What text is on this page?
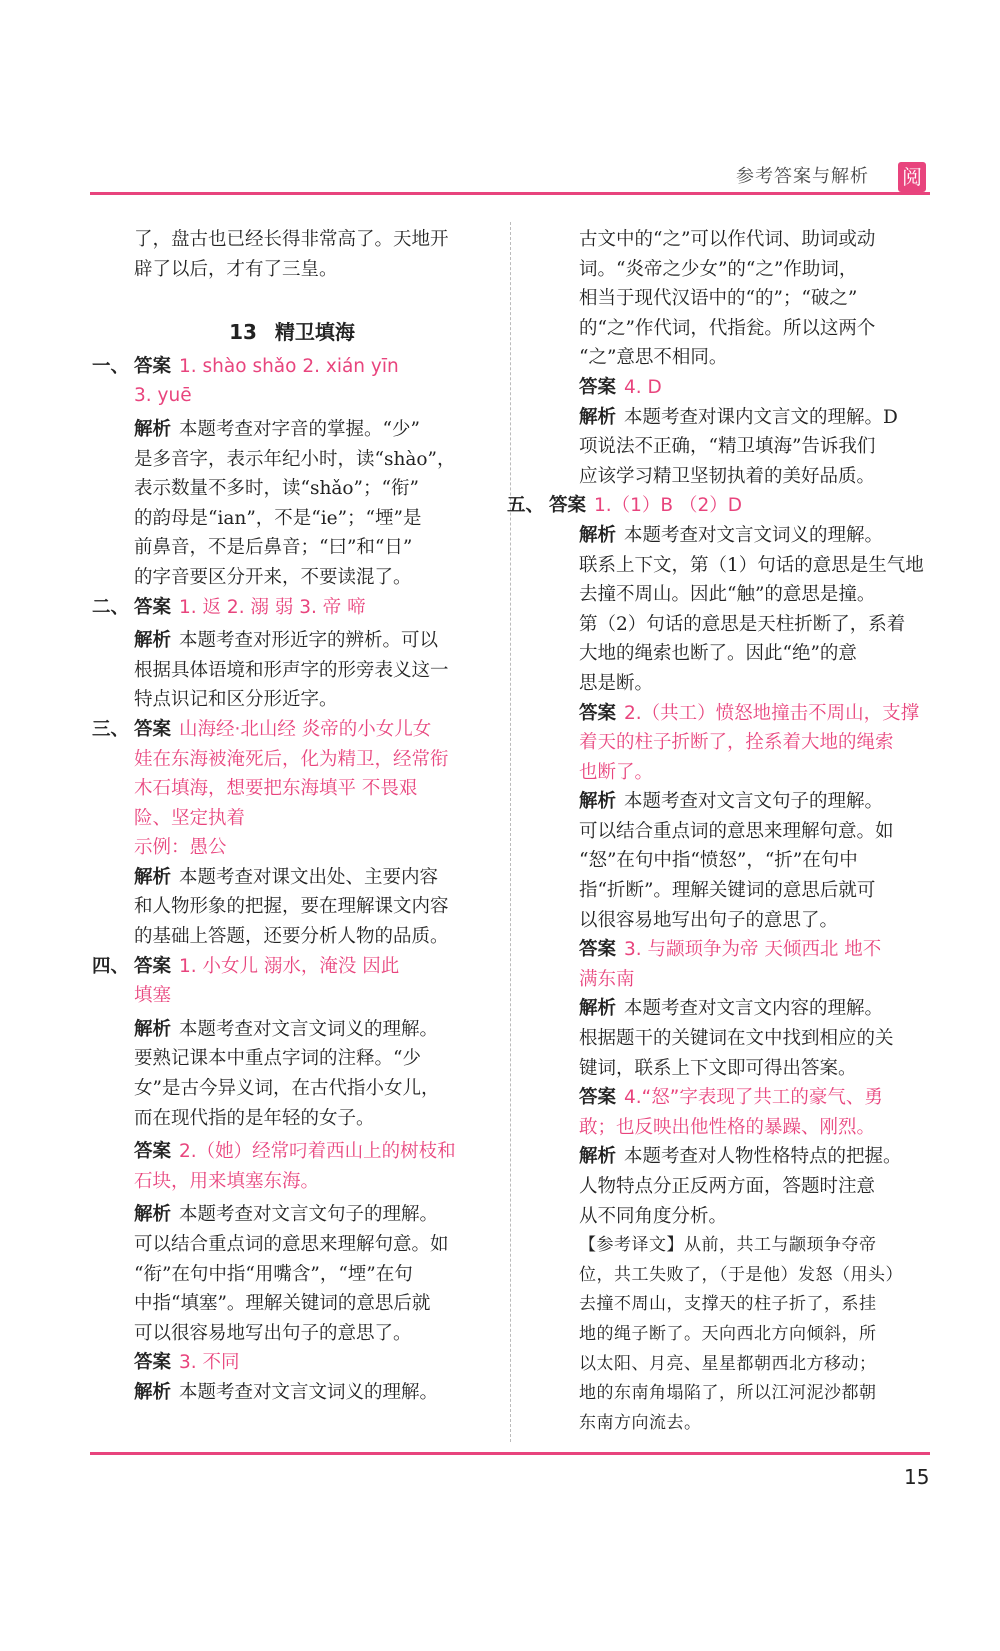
参考答案与解析 阅

了，盘古也已经长得非常高了。天地开

辟了以后，才有了三皇。

13 精卫填海

一、 答案 1. shào shǎo 2. xián yīn

3. yuē

解析 本题考查对字音的掌握。“少”

是多音字，表示年纪小时，读“shào”，

表示数量不多时，读“shǎo”；“衔”

的韵母是“ian”，不是“ie”；“堙”是

前鼻音，不是后鼻音；“曰”和“日”

的字音要区分开来，不要读混了。

二、 答案 1. 返 2. 溺 弱 3. 帝 啼

解析 本题考查对形近字的辨析。可以

根据具体语境和形声字的形旁表义这一

特点识记和区分形近字。

三、 答案 山海经·北山经 炎帝的小女儿女

娃在东海被淹死后，化为精卫，经常衔

木石填海，想要把东海填平 不畏艰

险、坚定执着

示例：愚公

解析 本题考查对课文出处、主要内容

和人物形象的把握，要在理解课文内容

的基础上答题，还要分析人物的品质。

四、 答案 1. 小女儿 溺水，淹没 因此

填塞

解析 本题考查对文言文词义的理解。

要熟记课本中重点字词的注释。“少

女”是古今异义词，在古代指小女儿，

而在现代指的是年轻的女子。

答案 2.（她）经常叼着西山上的树枝和

石块，用来填塞东海。

解析 本题考查对文言文句子的理解。

可以结合重点词的意思来理解句意。如

“衔”在句中指“用嘴含”，“堙”在句

中指“填塞”。理解关键词的意思后就

可以很容易地写出句子的意思了。

答案 3. 不同

解析 本题考查对文言文词义的理解。

古文中的“之”可以作代词、助词或动

词。“炎帝之少女”的“之”作助词，

相当于现代汉语中的“的”；“破之”

的“之”作代词，代指瓮。所以这两个

“之”意思不相同。

答案 4. D

解析 本题考查对课内文言文的理解。D

项说法不正确，“精卫填海”告诉我们

应该学习精卫坚韧执着的美好品质。

五、 答案 1.（1）B （2）D

解析 本题考查对文言文词义的理解。

联系上下文，第（1）句话的意思是生气地

去撞不周山。因此“触”的意思是撞。

第（2）句话的意思是天柱折断了，系着

大地的绳索也断了。因此“绝”的意

思是断。

答案 2.（共工）愤怒地撞击不周山，支撑

着天的柱子折断了，拴系着大地的绳索

也断了。

解析 本题考查对文言文句子的理解。

可以结合重点词的意思来理解句意。如

“怒”在句中指“愤怒”，“折”在句中

指“折断”。理解关键词的意思后就可

以很容易地写出句子的意思了。

答案 3. 与颛顼争为帝 天倾西北 地不

满东南

解析 本题考查对文言文内容的理解。

根据题干的关键词在文中找到相应的关

键词，联系上下文即可得出答案。

答案 4.“怒”字表现了共工的豪气、勇

敢；也反映出他性格的暴躁、刚烈。

解析 本题考查对人物性格特点的把握。

人物特点分正反两方面，答题时注意

从不同角度分析。

【参考译文】从前，共工与颛顼争夺帝

位，共工失败了，（于是他）发怒（用头）

去撞不周山，支撑天的柱子折了，系挂

地的绳子断了。天向西北方向倾斜，所

以太阳、月亮、星星都朝西北方移动；

地的东南角塌陷了，所以江河泥沙都朝

东南方向流去。

15
